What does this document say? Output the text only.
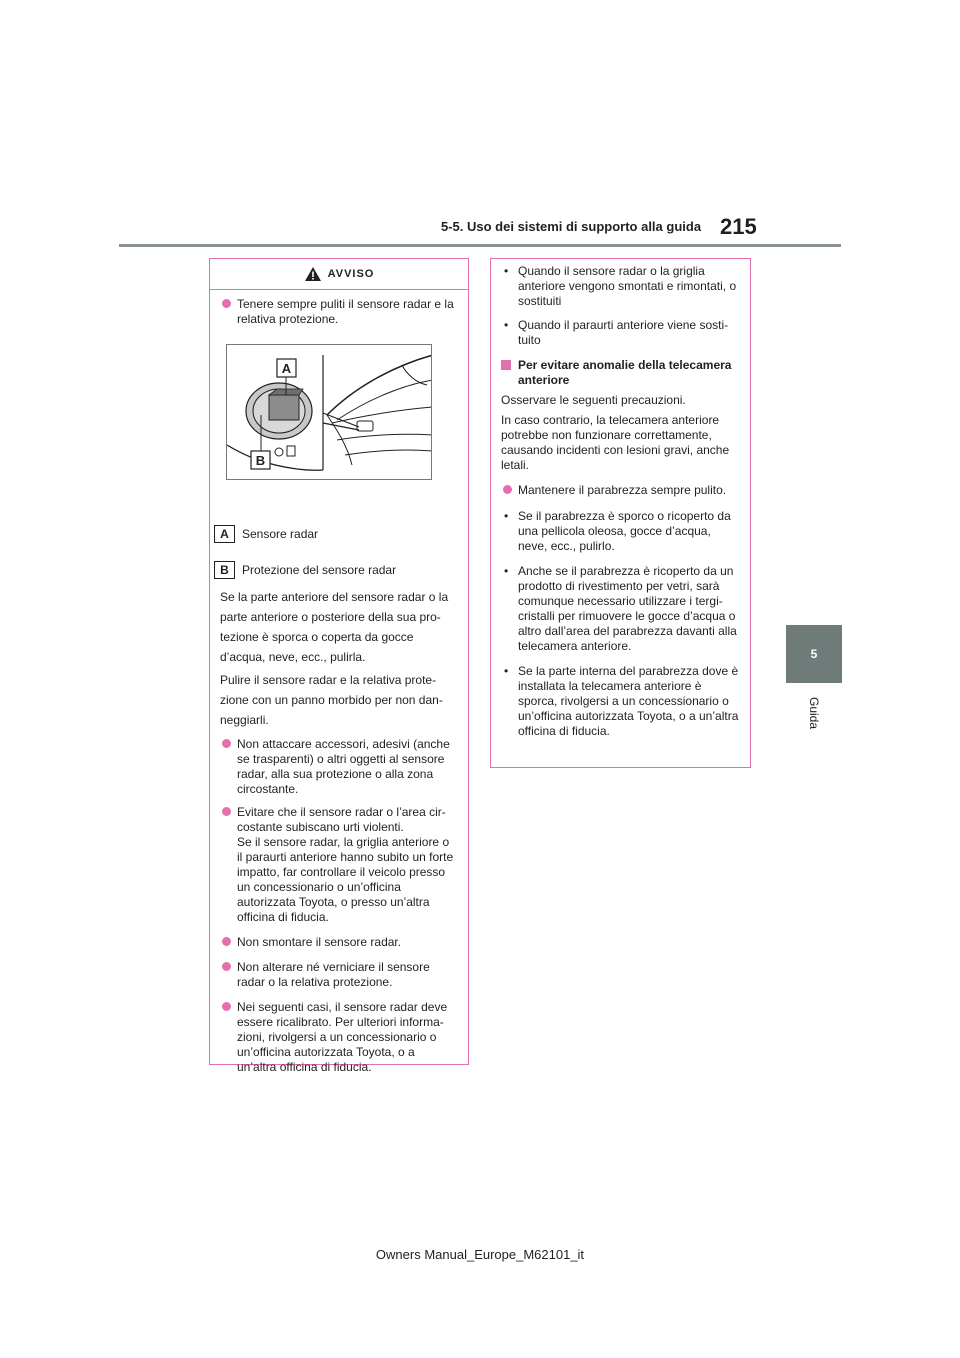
5-5. Uso dei sistemi di supporto alla guida 215
5
Guida
AVVISO
Tenere sempre puliti il sensore radar e la relativa protezione.
A
B
A	Sensore radar
B	Protezione del sensore radar
Se la parte anteriore del sensore radar o la
parte anteriore o posteriore della sua pro-
tezione è sporca o coperta da gocce
d’acqua, neve, ecc., pulirla.
Pulire il sensore radar e la relativa prote-
zione con un panno morbido per non dan-
neggiarli.
Non attaccare accessori, adesivi (anche se trasparenti) o altri oggetti al sensore radar, alla sua protezione o alla zona circostante.
Evitare che il sensore radar o l’area cir-costante subiscano urti violenti.
Se il sensore radar, la griglia anteriore o il paraurti anteriore hanno subito un forte impatto, far controllare il veicolo presso un concessionario o un’officina autorizzata Toyota, o presso un’altra officina di fiducia.
Non smontare il sensore radar.
Non alterare né verniciare il sensore radar o la relativa protezione.
Nei seguenti casi, il sensore radar deve essere ricalibrato. Per ulteriori informa-zioni, rivolgersi a un concessionario o un’officina autorizzata Toyota, o a un’altra officina di fiducia.
• Quando il sensore radar o la griglia anteriore vengono smontati e rimontati, o sostituiti
• Quando il paraurti anteriore viene sosti-tuito
Per evitare anomalie della telecamera anteriore

Osservare le seguenti precauzioni.

In caso contrario, la telecamera anteriore potrebbe non funzionare correttamente, causando incidenti con lesioni gravi, anche letali.

Mantenere il parabrezza sempre pulito.
• Se il parabrezza è sporco o ricoperto da una pellicola oleosa, gocce d’acqua, neve, ecc., pulirlo.
• Anche se il parabrezza è ricoperto da un prodotto di rivestimento per vetri, sarà comunque necessario utilizzare i tergi-cristalli per rimuovere le gocce d’acqua o altro dall’area del parabrezza davanti alla telecamera anteriore.
• Se la parte interna del parabrezza dove è installata la telecamera anteriore è sporca, rivolgersi a un concessionario o un’officina autorizzata Toyota, o a un’altra officina di fiducia.
Owners Manual_Europe_M62101_it
